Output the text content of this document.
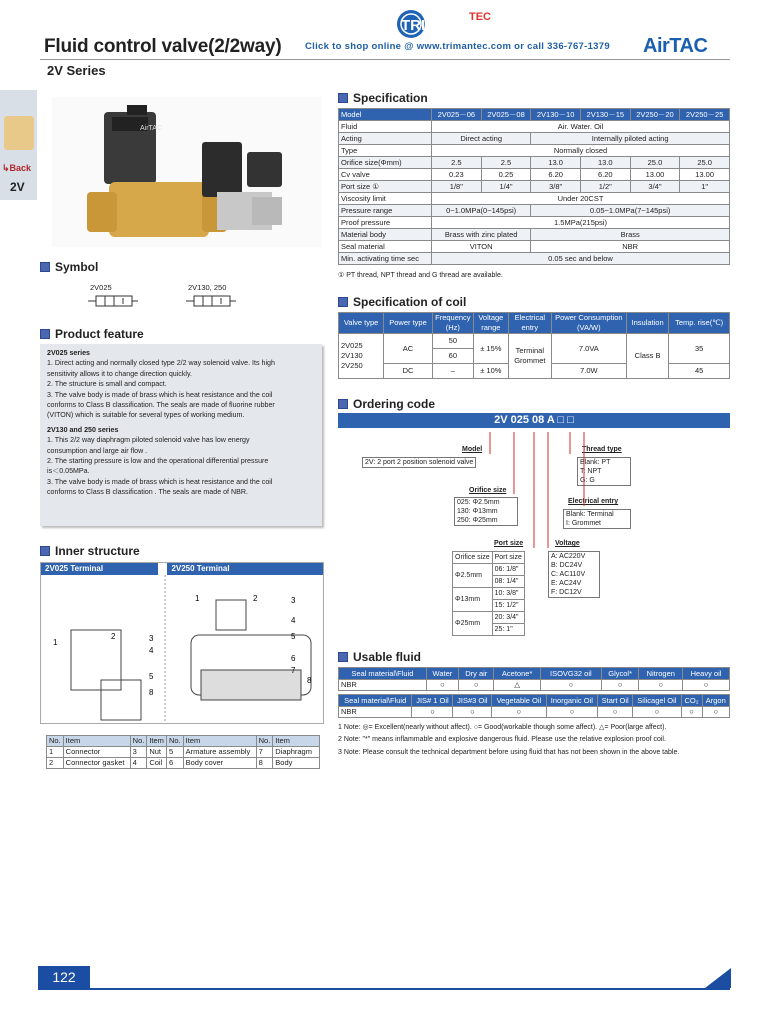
TRIMAN TEC
Fluid control valve(2/2way) Click to shop online @ www.trimantec.com or call 336-767-1379 AirTAC
2V Series
↳Back
2V
AirTAC
Symbol
2V025	2V130, 250
Product feature
2V025 series
1. Direct acting and normally closed type 2/2 way solenoid valve. Its high
sensitivity allows it to change direction quickly.
2. The structure is small and compact.
3. The valve body is made of brass which is heat resistance and the coil
conforms to Class B classification. The seals are made of fluorine rubber
(VITON) which is suitable for several types of working medium.
2V130 and 250 series
1. This 2/2 way diaphragm piloted solenoid valve has low energy
consumption and large air flow .
2. The starting pressure is low and the operational differential pressure
is＜0.05MPa.
3. The valve body is made of brass which is heat resistance and the coil
conforms to Class B classification . The seals are made of NBR.
Inner structure
2V025 Terminal	2V250 Terminal
1
2	3
4
5
8
1	2	3
4
5
6
7
8
No.	Item	No.	Item	No.	Item	No.	Item
1	Connector	3	Nut	5	Armature assembly	7	Diaphragm
2	Connector gasket	4	Coil	6	Body cover	8	Body
Specification
Model	2V025－06	2V025－08	2V130－10	2V130－15	2V250－20	2V250－25
Fluid	Air. Water. Oil					
Acting	Direct acting		Internally piloted acting			
Type	Normally closed					
Orifice size(Φmm)	2.5	2.5	13.0	13.0	25.0	25.0
Cv valve	0.23	0.25	6.20	6.20	13.00	13.00
Port size ①	1/8"	1/4"	3/8"	1/2"	3/4"	1"
Viscosity limit	Under 20CST					
Pressure range	0~1.0MPa(0~145psi)		0.05~1.0MPa(7~145psi)			
Proof pressure	1.5MPa(215psi)					
Material body	Brass with zinc plated		Brass			
Seal material	VITON		NBR			
Min. activating time sec	0.05 sec and below					
① PT thread, NPT thread and G thread are available.
Specification of coil
Valve type	Power type	Frequency (Hz)	Voltage range	Electrical entry	Power Consumption (VA/W)	Insulation	Temp. rise(℃)
2V025
2V130
2V250	AC	50	± 15%	Terminal Grommet	7.0VA	Class B	35
		60					
	DC	–	± 10%		7.0W		45
Ordering code
2V 025 08 A □ □
Model
2V: 2 port 2 position solenoid valve
Orifice size
025: Φ2.5mm
130: Φ13mm
250: Φ25mm
Port size
Orifice size	Port size
Φ2.5mm	06: 1/8"
	08: 1/4"
Φ13mm	10: 3/8"
	15: 1/2"
Φ25mm	20: 3/4"
	25: 1"
Thread type
Blank: PT
T: NPT
G: G
Electrical entry
Blank: Terminal
I: Grommet
Voltage
A: AC220V
B: DC24V
C: AC110V
E: AC24V
F: DC12V
Usable fluid
Seal material\Fluid	Water	Dry air	Acetone*	ISOVG32 oil	Glycol*	Nitrogen	Heavy oil
NBR	○	○	△	○	○	○	○
Seal material\Fluid	JIS# 1 Oil	JIS#3 Oil	Vegetable Oil	Inorganic Oil	Start Oil	Silicagel Oil	CO₂	Argon
NBR	○	○	○	○	○	○	○	○
1 Note: ◎= Excellent(nearly without affect). ○= Good(workable though some affect). △= Poor(large affect).
2 Note: "*" means inflammable and explosive dangerous fluid. Please use the relative explosion proof coil.
3 Note: Please consult the technical department before using fluid that has not been shown in the above table.
122
